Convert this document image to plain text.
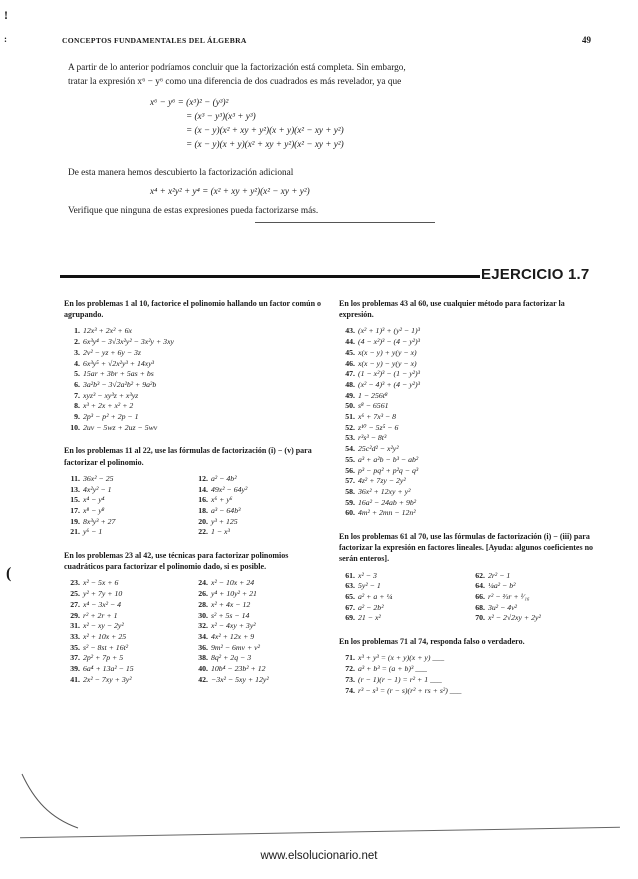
!
:
(
CONCEPTOS FUNDAMENTALES DEL ÁLGEBRA	49
A partir de lo anterior podríamos concluir que la factorización está completa. Sin embargo,
tratar la expresión x⁶ − y⁶ como una diferencia de dos cuadrados es más revelador, ya que
x⁶ − y⁶ = (x³)² − (y³)²
= (x³ − y³)(x³ + y³)
= (x − y)(x² + xy + y²)(x + y)(x² − xy + y²)
= (x − y)(x + y)(x² + xy + y²)(x² − xy + y²)
De esta manera hemos descubierto la factorización adicional
x⁴ + x²y² + y⁴ = (x² + xy + y²)(x² − xy + y²)
Verifique que ninguna de estas expresiones pueda factorizarse más.
EJERCICIO 1.7
En los problemas 1 al 10, factorice el polinomio hallando un factor común o agrupando.
1. 12x³ + 2x² + 6x
2. 6x³y⁴ − 3√3x²y² − 3x²y + 3xy
3. 2v² − yz + 6y − 3z
4. 6x³y⁵ + √2x²y³ + 14xy³
5. 15ar + 3br + 5as + bs
6. 3a²b³ − 3√2a²b² + 9a²b
7. xyz³ − xy³z + x³yz
8. x³ + 2x + x² + 2
9. 2p³ − p² + 2p − 1
10. 2uv − 5wz + 2uz − 5wv
En los problemas 11 al 22, use las fórmulas de factorización (i) − (v) para factorizar el polinomio.
11. 36x² − 25	12. a² − 4b²
13. 4x²y² − 1	14. 49x² − 64y²
15. x⁴ − y⁴	16. x⁶ + y⁶
17. x⁸ − y⁸	18. a³ − 64b³
19. 8x³y³ + 27	20. y³ + 125
21. y⁶ − 1	22. 1 − x³
En los problemas 23 al 42, use técnicas para factorizar polinomios cuadráticos para factorizar el polinomio dado, si es posible.
23. x² − 5x + 6	24. x² − 10x + 24
25. y² + 7y + 10	26. y⁴ + 10y² + 21
27. x⁴ − 3x² − 4	28. x² + 4x − 12
29. r² + 2r + 1	30. s² + 5s − 14
31. x² − xy − 2y²	32. x² − 4xy + 3y²
33. x² + 10x + 25	34. 4x² + 12x + 9
35. s² − 8st + 16t²	36. 9m² − 6mv + v²
37. 2p² + 7p + 5	38. 8q² + 2q − 3
39. 6a⁴ + 13a² − 15	40. 10b⁴ − 23b² + 12
41. 2x² − 7xy + 3y²	42. −3x² − 5xy + 12y²
En los problemas 43 al 60, use cualquier método para factorizar la expresión.
43. (x² + 1)³ + (y² − 1)³
44. (4 − x²)³ − (4 − y²)³
45. x(x − y) + y(y − x)
46. x(x − y) − y(y − x)
47. (1 − x²)³ − (1 − y²)³
48. (x² − 4)³ + (4 − y²)³
49. 1 − 256t⁸
50. s⁸ − 6561
51. x⁶ + 7x³ − 8
52. z¹⁰ − 5z⁵ − 6
53. r³s³ − 8t³
54. 25c²d² − x²y²
55. a³ + a²b − b³ − ab²
56. p³ − pq² + p²q − q³
57. 4z² + 7zy − 2y²
58. 36x² + 12xy + y²
59. 16a² − 24ab + 9b²
60. 4m² + 2mn − 12n²
En los problemas 61 al 70, use las fórmulas de factorización (i) − (iii) para factorizar la expresión en factores lineales. [Ayuda: algunos coeficientes no serán enteros].
61. x² − 3	62. 2r² − 1
63. 5y² − 1	64. ¼a² − b²
65. a² + a + ¼	66. r² − ⅔r + ¹⁄₁₆
67. a² − 2b²	68. 3u² − 4v²
69. 21 − x²	70. x² − 2√2xy + 2y²
En los problemas 71 al 74, responda falso o verdadero.
71. x³ + y³ = (x + y)(x + y) ___
72. a³ + b³ = (a + b)³ ___
73. (r − 1)(r − 1) = r² + 1 ___
74. r³ − s³ = (r − s)(r² + rs + s²) ___
www.elsolucionario.net
